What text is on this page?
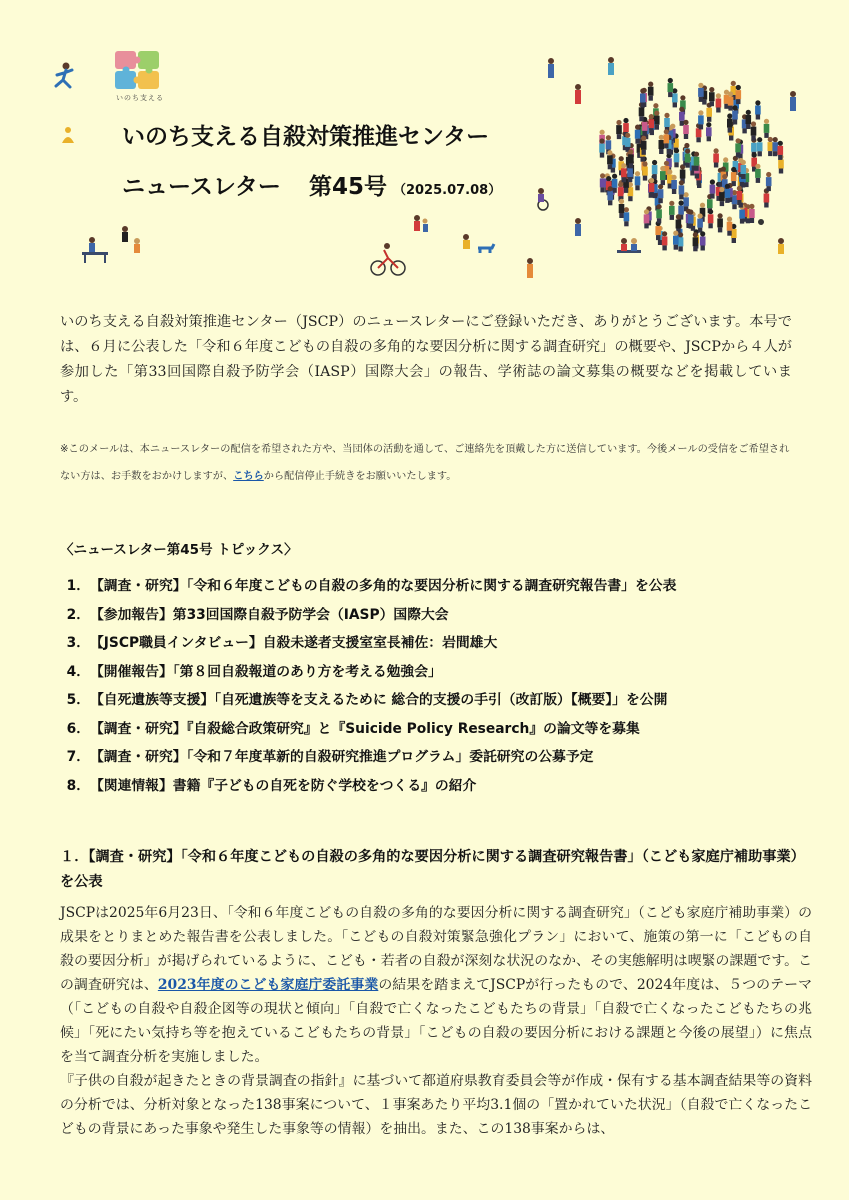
いのち支える
いのち支える自殺対策推進センター
ニュースレター 第45号 （2025.07.08）
いのち支える自殺対策推進センター（JSCP）のニュースレターにご登録いただき、ありがとうございます。本号では、６月に公表した「令和６年度こどもの自殺の多角的な要因分析に関する調査研究」の概要や、JSCPから４人が参加した「第33回国際自殺予防学会（IASP）国際大会」の報告、学術誌の論文募集の概要などを掲載しています。
※このメールは、本ニュースレターの配信を希望された方や、当団体の活動を通して、ご連絡先を頂戴した方に送信しています。今後メールの受信をご希望されない方は、お手数をおかけしますが、こちらから配信停止手続きをお願いいたします。
〈ニュースレター第45号 トピックス〉
1．【調査・研究】「令和６年度こどもの自殺の多角的な要因分析に関する調査研究報告書」を公表
2．【参加報告】第33回国際自殺予防学会（IASP）国際大会
3．【JSCP職員インタビュー】自殺未遂者支援室室長補佐：岩間雄大
4．【開催報告】「第８回自殺報道のあり方を考える勉強会」
5．【自死遺族等支援】「自死遺族等を支えるために 総合的支援の手引（改訂版）【概要】」を公開
6．【調査・研究】『自殺総合政策研究』と『Suicide Policy Research』の論文等を募集
7．【調査・研究】「令和７年度革新的自殺研究推進プログラム」委託研究の公募予定
8．【関連情報】書籍『子どもの自死を防ぐ学校をつくる』の紹介
１．【調査・研究】「令和６年度こどもの自殺の多角的な要因分析に関する調査研究報告書」（こども家庭庁補助事業）を公表

JSCPは2025年6月23日、「令和６年度こどもの自殺の多角的な要因分析に関する調査研究」（こども家庭庁補助事業）の成果をとりまとめた報告書を公表しました。「こどもの自殺対策緊急強化プラン」において、施策の第一に「こどもの自殺の要因分析」が掲げられているように、こども・若者の自殺が深刻な状況のなか、その実態解明は喫緊の課題です。この調査研究は、2023年度のこども家庭庁委託事業の結果を踏まえてJSCPが行ったもので、2024年度は、５つのテーマ（「こどもの自殺や自殺企図等の現状と傾向」「自殺で亡くなったこどもたちの背景」「自殺で亡くなったこどもたちの兆候」「死にたい気持ち等を抱えているこどもたちの背景」「こどもの自殺の要因分析における課題と今後の展望」）に焦点を当て調査分析を実施しました。

『子供の自殺が起きたときの背景調査の指針』に基づいて都道府県教育委員会等が作成・保有する基本調査結果等の資料の分析では、分析対象となった138事案について、１事案あたり平均3.1個の「置かれていた状況」（自殺で亡くなったこどもの背景にあった事象や発生した事象等の情報）を抽出。また、この138事案からは、
